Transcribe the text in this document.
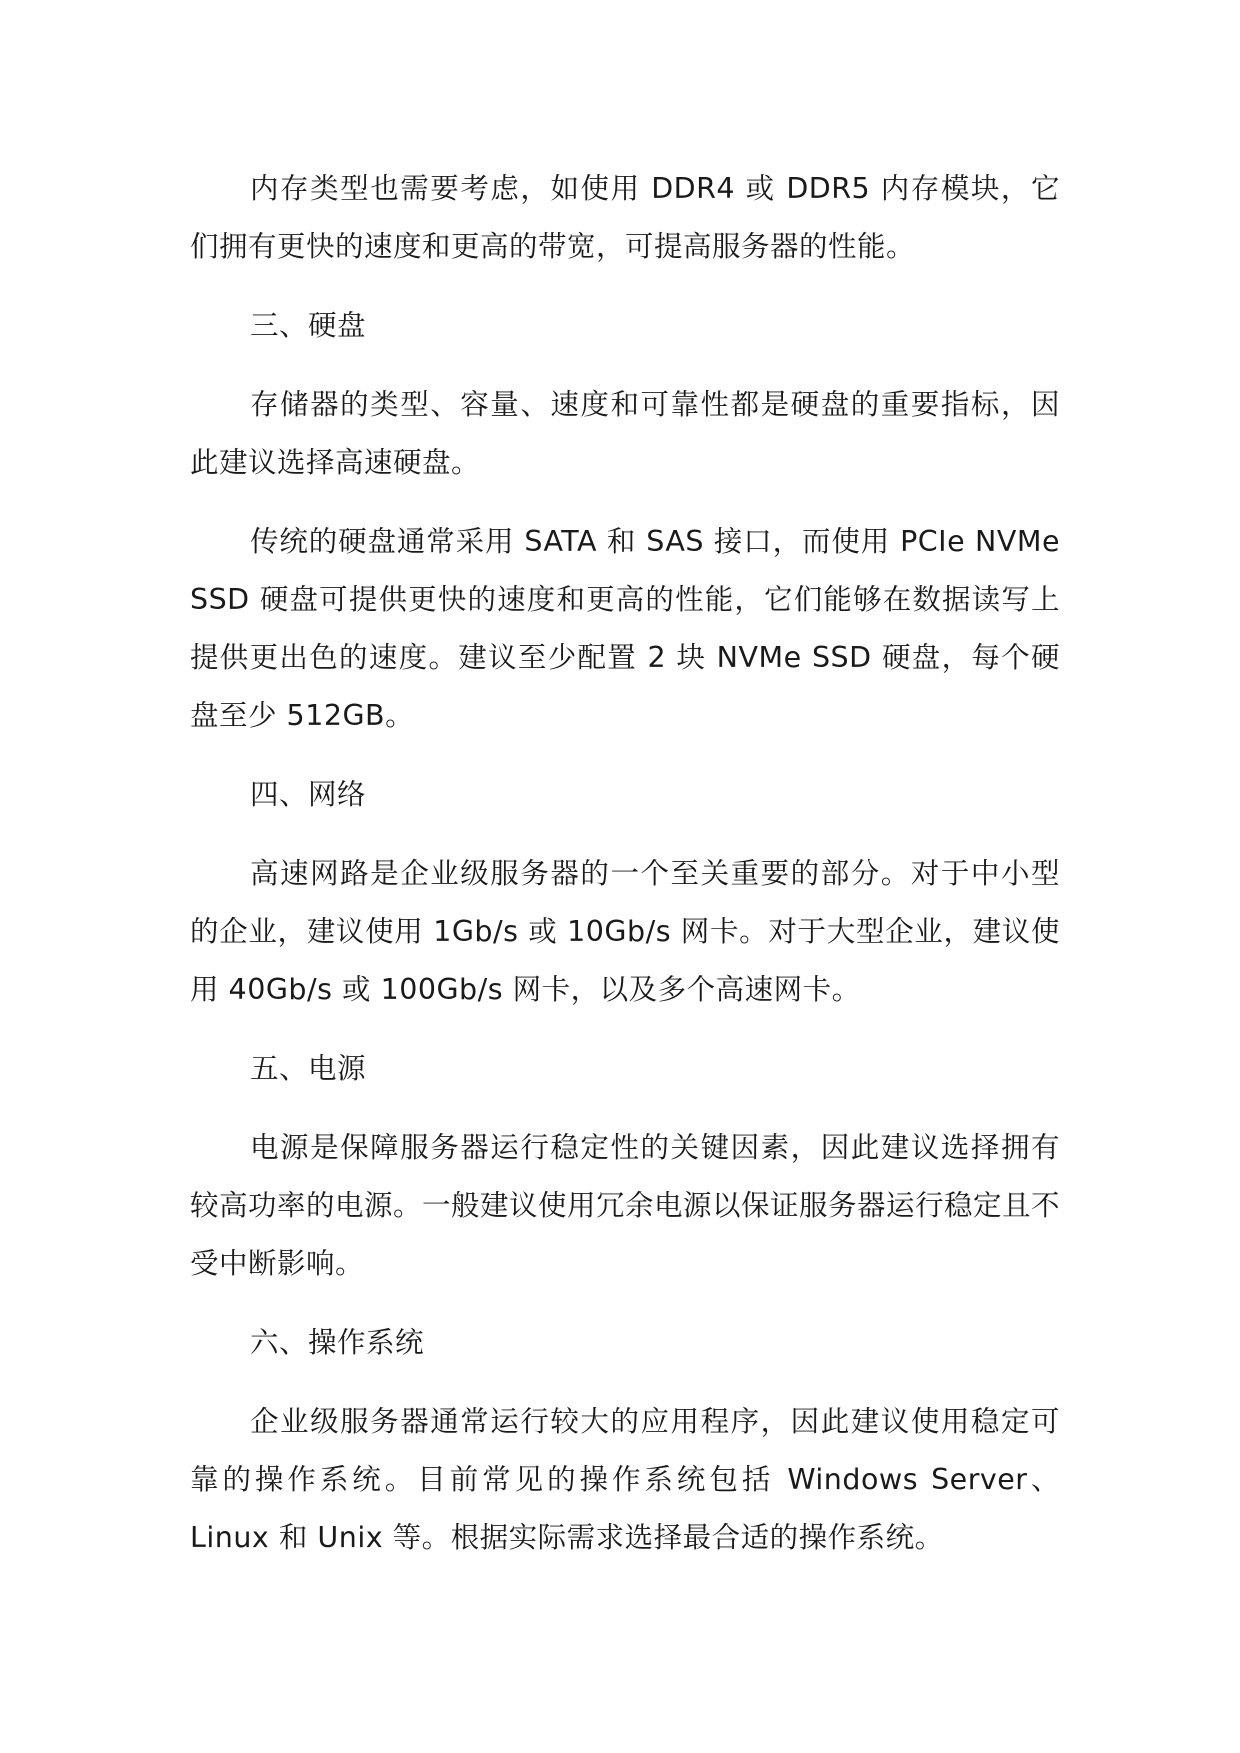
内存类型也需要考虑，如使用 DDR4 或 DDR5 内存模块，它们拥有更快的速度和更高的带宽，可提高服务器的性能。

三、硬盘

存储器的类型、容量、速度和可靠性都是硬盘的重要指标，因此建议选择高速硬盘。

传统的硬盘通常采用 SATA 和 SAS 接口，而使用 PCIe NVMe SSD 硬盘可提供更快的速度和更高的性能，它们能够在数据读写上提供更出色的速度。建议至少配置 2 块 NVMe SSD 硬盘，每个硬盘至少 512GB。

四、网络

高速网路是企业级服务器的一个至关重要的部分。对于中小型的企业，建议使用 1Gb/s 或 10Gb/s 网卡。对于大型企业，建议使用 40Gb/s 或 100Gb/s 网卡，以及多个高速网卡。

五、电源

电源是保障服务器运行稳定性的关键因素，因此建议选择拥有较高功率的电源。一般建议使用冗余电源以保证服务器运行稳定且不受中断影响。

六、操作系统

企业级服务器通常运行较大的应用程序，因此建议使用稳定可靠的操作系统。目前常见的操作系统包括 Windows Server、Linux 和 Unix 等。根据实际需求选择最合适的操作系统。
